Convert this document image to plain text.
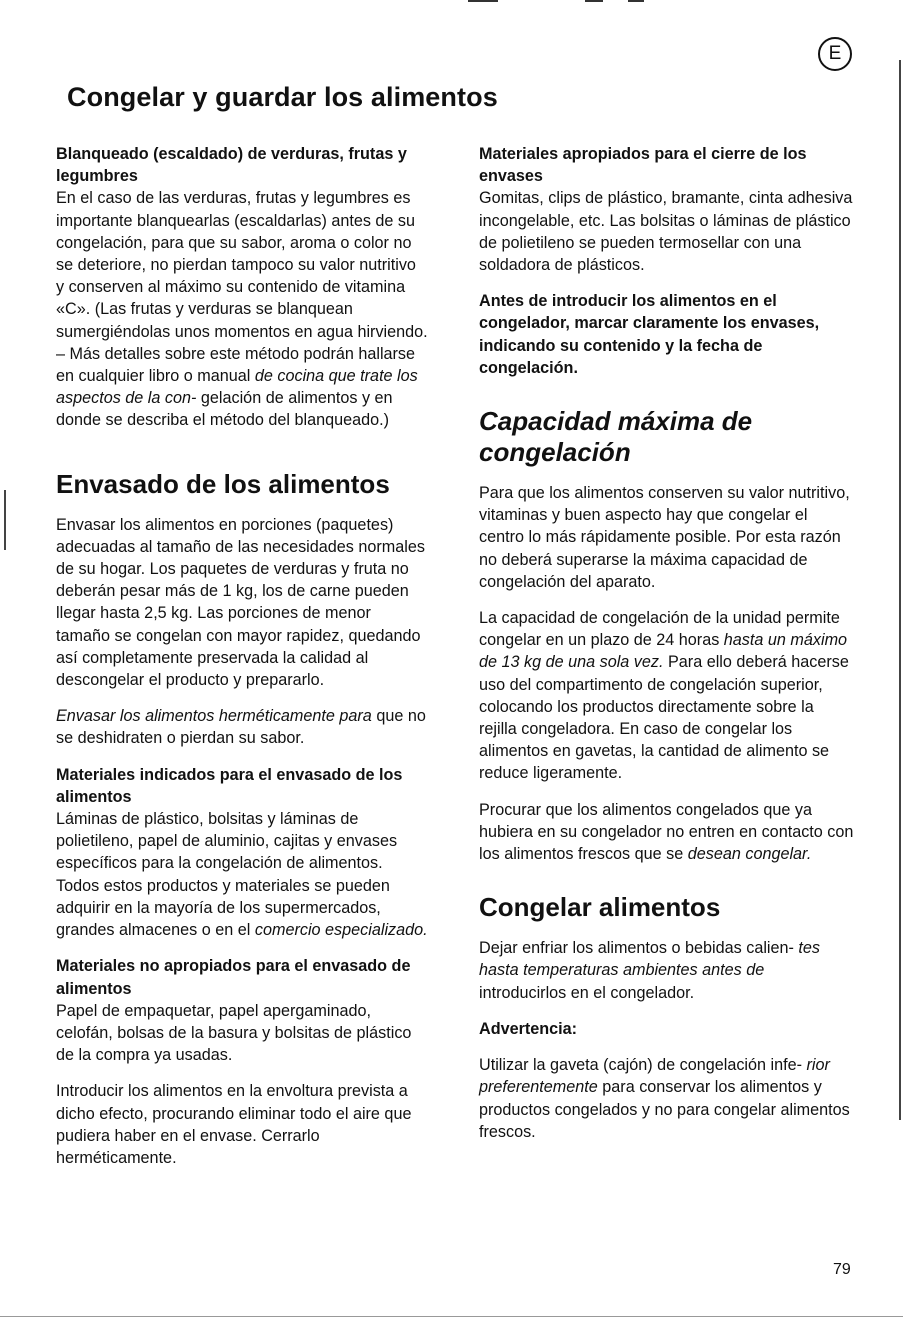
E
Congelar y guardar los alimentos
Blanqueado (escaldado) de verduras, frutas y legumbres

En el caso de las verduras, frutas y legumbres es importante blanquearlas (escaldarlas) antes de su congelación, para que su sabor, aroma o color no se deteriore, no pierdan tampoco su valor nutritivo y conserven al máximo su contenido de vitamina «C». (Las frutas y verduras se blanquean sumergiéndolas unos momentos en agua hirviendo. – Más detalles sobre este método podrán hallarse en cualquier libro o manual de cocina que trate los aspectos de la con- gelación de alimentos y en donde se describa el método del blanqueado.)

Envasado de los alimentos

Envasar los alimentos en porciones (paquetes) adecuadas al tamaño de las necesidades normales de su hogar. Los paquetes de verduras y fruta no deberán pesar más de 1 kg, los de carne pueden llegar hasta 2,5 kg. Las porciones de menor tamaño se congelan con mayor rapidez, quedando así completamente preservada la calidad al descongelar el producto y prepararlo.

Envasar los alimentos herméticamente para que no se deshidraten o pierdan su sabor.

Materiales indicados para el envasado de los alimentos

Láminas de plástico, bolsitas y láminas de polietileno, papel de aluminio, cajitas y envases específicos para la congelación de alimentos. Todos estos productos y materiales se pueden adquirir en la mayoría de los supermercados, grandes almacenes o en el comercio especializado.

Materiales no apropiados para el envasado de alimentos

Papel de empaquetar, papel apergaminado, celofán, bolsas de la basura y bolsitas de plástico de la compra ya usadas.

Introducir los alimentos en la envoltura prevista a dicho efecto, procurando eliminar todo el aire que pudiera haber en el envase. Cerrarlo herméticamente.

Materiales apropiados para el cierre de los envases

Gomitas, clips de plástico, bramante, cinta adhesiva incongelable, etc. Las bolsitas o láminas de plástico de polietileno se pueden termosellar con una soldadora de plásticos.

Antes de introducir los alimentos en el congelador, marcar claramente los envases, indicando su contenido y la fecha de congelación.
Capacidad máxima de congelación

Para que los alimentos conserven su valor nutritivo, vitaminas y buen aspecto hay que congelar el centro lo más rápidamente posible. Por esta razón no deberá superarse la máxima capacidad de congelación del aparato.

La capacidad de congelación de la unidad permite congelar en un plazo de 24 horas hasta un máximo de 13 kg de una sola vez. Para ello deberá hacerse uso del compartimento de congelación superior, colocando los productos directamente sobre la rejilla congeladora. En caso de congelar los alimentos en gavetas, la cantidad de alimento se reduce ligeramente.

Procurar que los alimentos congelados que ya hubiera en su congelador no entren en contacto con los alimentos frescos que se desean congelar.

Congelar alimentos

Dejar enfriar los alimentos o bebidas calien- tes hasta temperaturas ambientes antes de introducirlos en el congelador.

Advertencia:

Utilizar la gaveta (cajón) de congelación infe- rior preferentemente para conservar los alimentos y productos congelados y no para congelar alimentos frescos.

79
